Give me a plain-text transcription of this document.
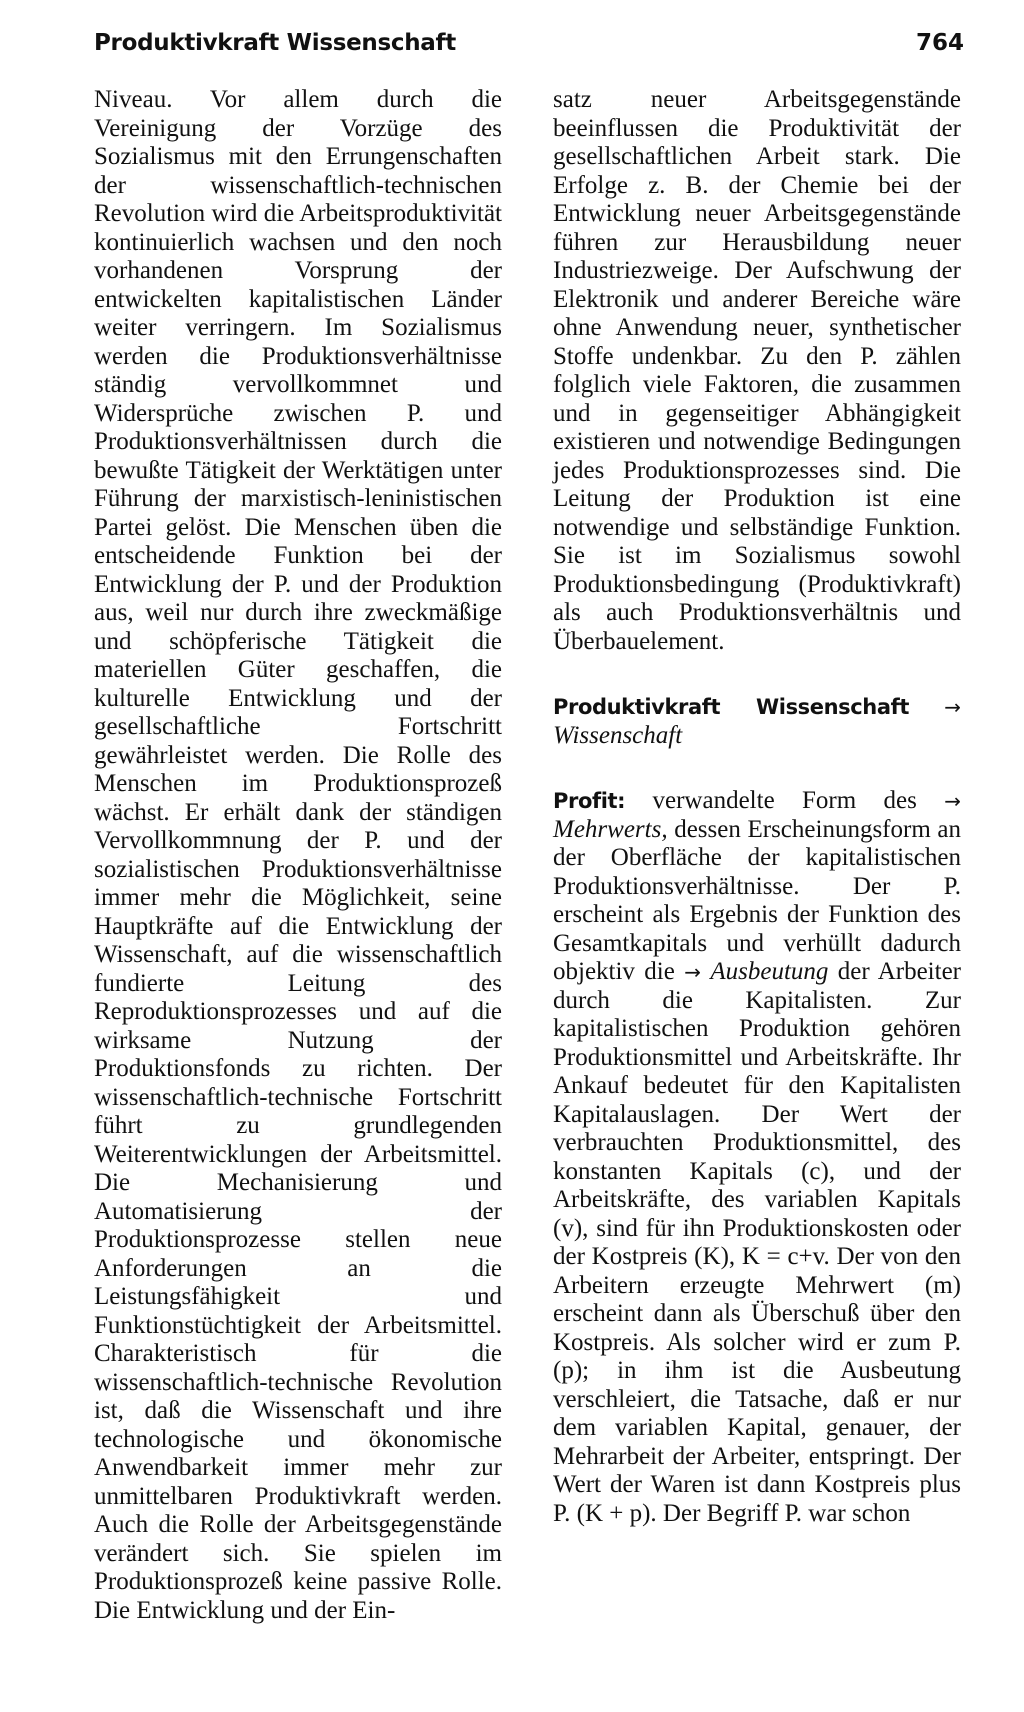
Produktivkraft Wissenschaft	764

Niveau. Vor allem durch die Vereinigung der Vorzüge des Sozialismus mit den Errungenschaften der wissenschaftlich-technischen Revolution wird die Arbeitsproduktivität kontinuierlich wachsen und den noch vorhandenen Vorsprung der entwickelten kapitalistischen Länder weiter verringern. Im Sozialismus werden die Produktionsverhältnisse ständig vervollkommnet und Widersprüche zwischen P. und Produktionsverhältnissen durch die bewußte Tätigkeit der Werktätigen unter Führung der marxistisch-leninistischen Partei gelöst. Die Menschen üben die entscheidende Funktion bei der Entwicklung der P. und der Produktion aus, weil nur durch ihre zweckmäßige und schöpferische Tätigkeit die materiellen Güter geschaffen, die kulturelle Entwicklung und der gesellschaftliche Fortschritt gewährleistet werden. Die Rolle des Menschen im Produktionsprozeß wächst. Er erhält dank der ständigen Vervollkommnung der P. und der sozialistischen Produktionsverhältnisse immer mehr die Möglichkeit, seine Hauptkräfte auf die Entwicklung der Wissenschaft, auf die wissenschaftlich fundierte Leitung des Reproduktionsprozesses und auf die wirksame Nutzung der Produktionsfonds zu richten. Der wissenschaftlich-technische Fortschritt führt zu grundlegenden Weiterentwicklungen der Arbeitsmittel. Die Mechanisierung und Automatisierung der Produktionsprozesse stellen neue Anforderungen an die Leistungsfähigkeit und Funktionstüchtigkeit der Arbeitsmittel. Charakteristisch für die wissenschaftlich-technische Revolution ist, daß die Wissenschaft und ihre technologische und ökonomische Anwendbarkeit immer mehr zur unmittelbaren Produktivkraft werden. Auch die Rolle der Arbeitsgegenstände verändert sich. Sie spielen im Produktionsprozeß keine passive Rolle. Die Entwicklung und der Ein-

satz neuer Arbeitsgegenstände beeinflussen die Produktivität der gesellschaftlichen Arbeit stark. Die Erfolge z. B. der Chemie bei der Entwicklung neuer Arbeitsgegenstände führen zur Herausbildung neuer Industriezweige. Der Aufschwung der Elektronik und anderer Bereiche wäre ohne Anwendung neuer, synthetischer Stoffe undenkbar. Zu den P. zählen folglich viele Faktoren, die zusammen und in gegenseitiger Abhängigkeit existieren und notwendige Bedingungen jedes Produktionsprozesses sind. Die Leitung der Produktion ist eine notwendige und selbständige Funktion. Sie ist im Sozialismus sowohl Produktionsbedingung (Produktivkraft) als auch Produktionsverhältnis und Überbauelement.

Produktivkraft Wissenschaft → Wissenschaft

Profit: verwandelte Form des → Mehrwerts, dessen Erscheinungsform an der Oberfläche der kapitalistischen Produktionsverhältnisse. Der P. erscheint als Ergebnis der Funktion des Gesamtkapitals und verhüllt dadurch objektiv die → Ausbeutung der Arbeiter durch die Kapitalisten. Zur kapitalistischen Produktion gehören Produktionsmittel und Arbeitskräfte. Ihr Ankauf bedeutet für den Kapitalisten Kapitalauslagen. Der Wert der verbrauchten Produktionsmittel, des konstanten Kapitals (c), und der Arbeitskräfte, des variablen Kapitals (v), sind für ihn Produktionskosten oder der Kostpreis (K), K = c+v. Der von den Arbeitern erzeugte Mehrwert (m) erscheint dann als Überschuß über den Kostpreis. Als solcher wird er zum P. (p); in ihm ist die Ausbeutung verschleiert, die Tatsache, daß er nur dem variablen Kapital, genauer, der Mehrarbeit der Arbeiter, entspringt. Der Wert der Waren ist dann Kostpreis plus P. (K + p). Der Begriff P. war schon
